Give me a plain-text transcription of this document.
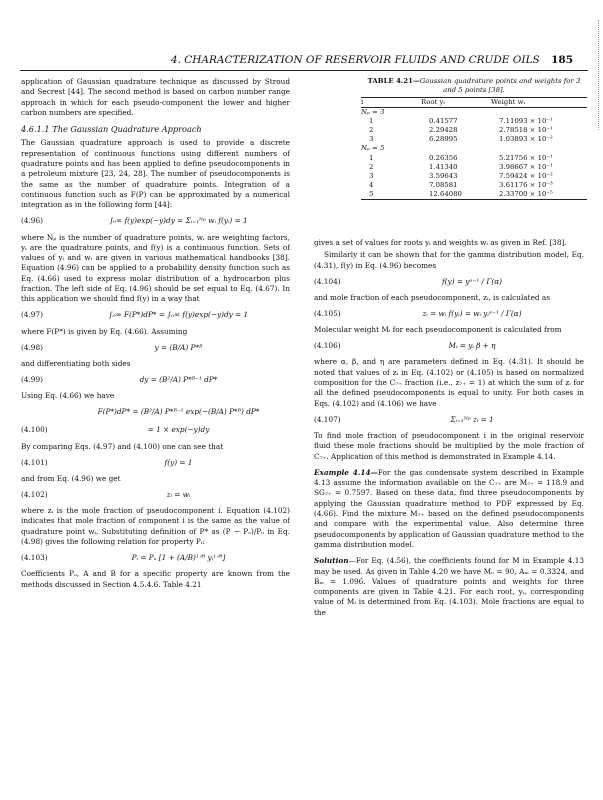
4. CHARACTERIZATION OF RESERVOIR FLUIDS AND CRUDE OILS 185
TABLE 4.21—Gaussian quadrature points and weights for 3 and 5 points [38].
i	Root yᵢ	Weight wᵢ
Nₚ = 3
1	0.41577	7.11093 × 10⁻¹
2	2.29428	2.78518 × 10⁻¹
3	6.28995	1.03893 × 10⁻²
Nₚ = 5
1	0.26356	5.21756 × 10⁻¹
2	1.41340	3.98667 × 10⁻¹
3	3.59643	7.59424 × 10⁻²
4	7.08581	3.61176 × 10⁻³
5	12.64080	2.33700 × 10⁻⁵

application of Gaussian quadrature technique as discussed by Stroud and Secrest [44]. The second method is based on carbon number range approach in which for each pseudo-component the lower and higher carbon numbers are specified.

4.6.1.1 The Gaussian Quadrature Approach

The Gaussian quadrature approach is used to provide a discrete representation of continuous functions using different numbers of quadrature points and has been applied to define pseudocomponents in a petroleum mixture [23, 24, 28]. The number of pseudocomponents is the same as the number of quadrature points. Integration of a continuous function such as F(P) can be approximated by a numerical integration as in the following form [44]:

(4.96)	∫₀∞ f(y)exp(−y)dy = Σᵢ₌₁ᴺᵖ wᵢ f(yᵢ) = 1

where Nₚ is the number of quadrature points, wᵢ are weighting factors, yᵢ are the quadrature points, and f(y) is a continuous function. Sets of values of yᵢ and wᵢ are given in various mathematical handbooks [38]. Equation (4.96) can be applied to a probability density function such as Eq. (4.66) used to express molar distribution of a hydrocarbon plus fraction. The left side of Eq. (4.96) should be set equal to Eq. (4.67). In this application we should find f(y) in a way that

(4.97)	∫₀∞ F(P*)dP* = ∫₀∞ f(y)exp(−y)dy = 1

where F(P*) is given by Eq. (4.66). Assuming

(4.98)	y = (B/A) P*ᴮ

and differentiating both sides

(4.99)	dy = (B²/A) P*ᴮ⁻¹ dP*

Using Eq. (4.66) we have

F(P*)dP* = (B²/A) P*ᴮ⁻¹ exp(−(B/A) P*ᴮ) dP*
(4.100)	= 1 × exp(−y)dy

By comparing Eqs. (4.97) and (4.100) one can see that

(4.101)	f(y) = 1

and from Eq. (4.96) we get

(4.102)	zᵢ = wᵢ

where zᵢ is the mole fraction of pseudocomponent i. Equation (4.102) indicates that mole fraction of component i is the same as the value of quadrature point wᵢ. Substituting definition of P* as (P − Pₒ)/Pₒ in Eq. (4.98) gives the following relation for property Pᵢ:

(4.103)	Pᵢ = Pₒ [1 + (A/B)¹ᐟᴮ yᵢ¹ᐟᴮ]

Coefficients Pₒ, A and B for a specific property are known from the methods discussed in Section 4.5.4.6. Table 4.21

gives a set of values for roots yᵢ and weights wᵢ as given in Ref. [38].

Similarly it can be shown that for the gamma distribution model, Eq. (4.31), f(y) in Eq. (4.96) becomes

(4.104)	f(y) = yᵅ⁻¹ / Γ(α)

and mole fraction of each pseudocomponent, zᵢ, is calculated as

(4.105)	zᵢ = wᵢ f(yᵢ) = wᵢ yᵢᵅ⁻¹ / Γ(α)

Molecular weight Mᵢ for each pseudocomponent is calculated from

(4.106)	Mᵢ = yᵢ β + η

where α, β, and η are parameters defined in Eq. (4.31). It should be noted that values of zᵢ in Eq. (4.102) or (4.105) is based on normalized composition for the C₇₊ fraction (i.e., z₇₊ = 1) at which the sum of zᵢ for all the defined pseudocomponents is equal to unity. For both cases in Eqs. (4.102) and (4.106) we have

(4.107)	Σᵢ₌₁ᴺᵖ zᵢ = 1

To find mole fraction of pseudocomponent i in the original reservoir fluid these mole fractions should be multiplied by the mole fraction of C₇₊. Application of this method is demonstrated in Example 4.14.

Example 4.14—For the gas condensate system described in Example 4.13 assume the information available on the C₇₊ are M₇₊ = 118.9 and SG₇₊ = 0.7597. Based on these data, find three pseudocomponents by applying the Gaussian quadrature method to PDF expressed by Eq. (4.66). Find the mixture M₇₊ based on the defined pseudocomponents and compare with the experimental value. Also determine three pseudocomponents by application of Gaussian quadrature method to the gamma distribution model.

Solution—For Eq. (4.56), the coefficients found for M in Example 4.13 may be used. As given in Table 4.20 we have Mₒ = 90, Aₘ = 0.3324, and Bₘ = 1.096. Values of quadrature points and weights for three components are given in Table 4.21. For each root, yᵢ, corresponding value of Mᵢ is determined from Eq. (4.103). Mole fractions are equal to the
